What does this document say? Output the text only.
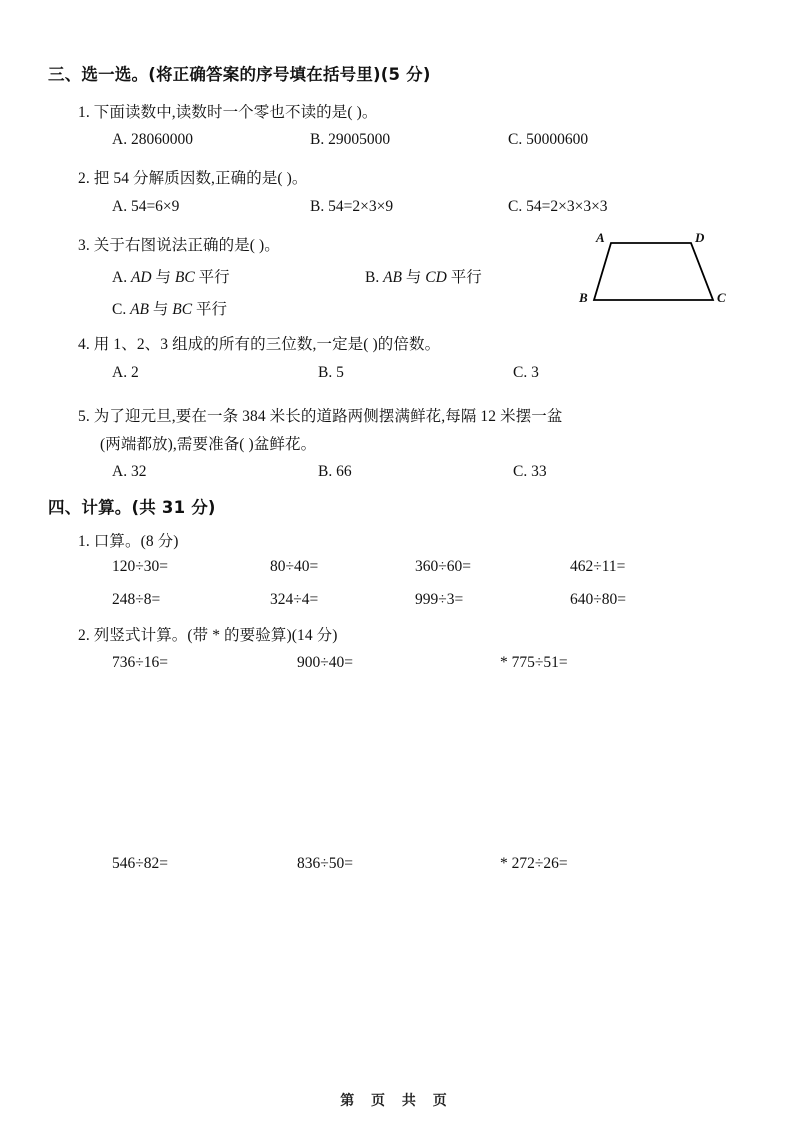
三、选一选。(将正确答案的序号填在括号里)(5 分)
1. 下面读数中,读数时一个零也不读的是( )。
A. 28060000	B. 29005000	C. 50000600
2. 把 54 分解质因数,正确的是( )。
A. 54=6×9	B. 54=2×3×9	C. 54=2×3×3×3
3. 关于右图说法正确的是( )。
A. AD 与 BC 平行	B. AB 与 CD 平行
C. AB 与 BC 平行
A	D
B	C
4. 用 1、2、3 组成的所有的三位数,一定是( )的倍数。
A. 2	B. 5	C. 3
5. 为了迎元旦,要在一条 384 米长的道路两侧摆满鲜花,每隔 12 米摆一盆
(两端都放),需要准备( )盆鲜花。
A. 32	B. 66	C. 33
四、计算。(共 31 分)
1. 口算。(8 分)
120÷30=	80÷40=	360÷60=	462÷11=
248÷8=	324÷4=	999÷3=	640÷80=
2. 列竖式计算。(带 * 的要验算)(14 分)
736÷16=	900÷40=	* 775÷51=
546÷82=	836÷50=	* 272÷26=
第 页 共 页
